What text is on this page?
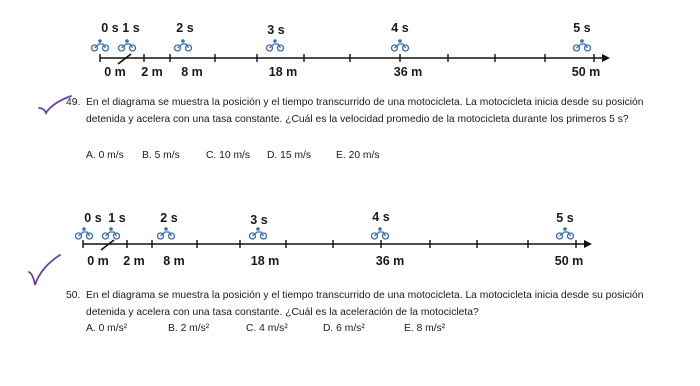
0 s 1 s	2 s	3 s	4 s	5 s
0 m 2 m 8 m	18 m	36 m	50 m
49. En el diagrama se muestra la posición y el tiempo transcurrido de una motocicleta. La motocicleta inicia desde su posición detenida y acelera con una tasa constante. ¿Cuál es la velocidad promedio de la motocicleta durante los primeros 5 s?
A. 0 m/s B. 5 m/s	C. 10 m/s D. 15 m/s E. 20 m/s
0 s 1 s	2 s	3 s	4 s	5 s
0 m 2 m 8 m	18 m	36 m	50 m
50. En el diagrama se muestra la posición y el tiempo transcurrido de una motocicleta. La motocicleta inicia desde su posición detenida y acelera con una tasa constante. ¿Cuál es la aceleración de la motocicleta?
A. 0 m/s²	B. 2 m/s²	C. 4 m/s²	D. 6 m/s²	E. 8 m/s²
